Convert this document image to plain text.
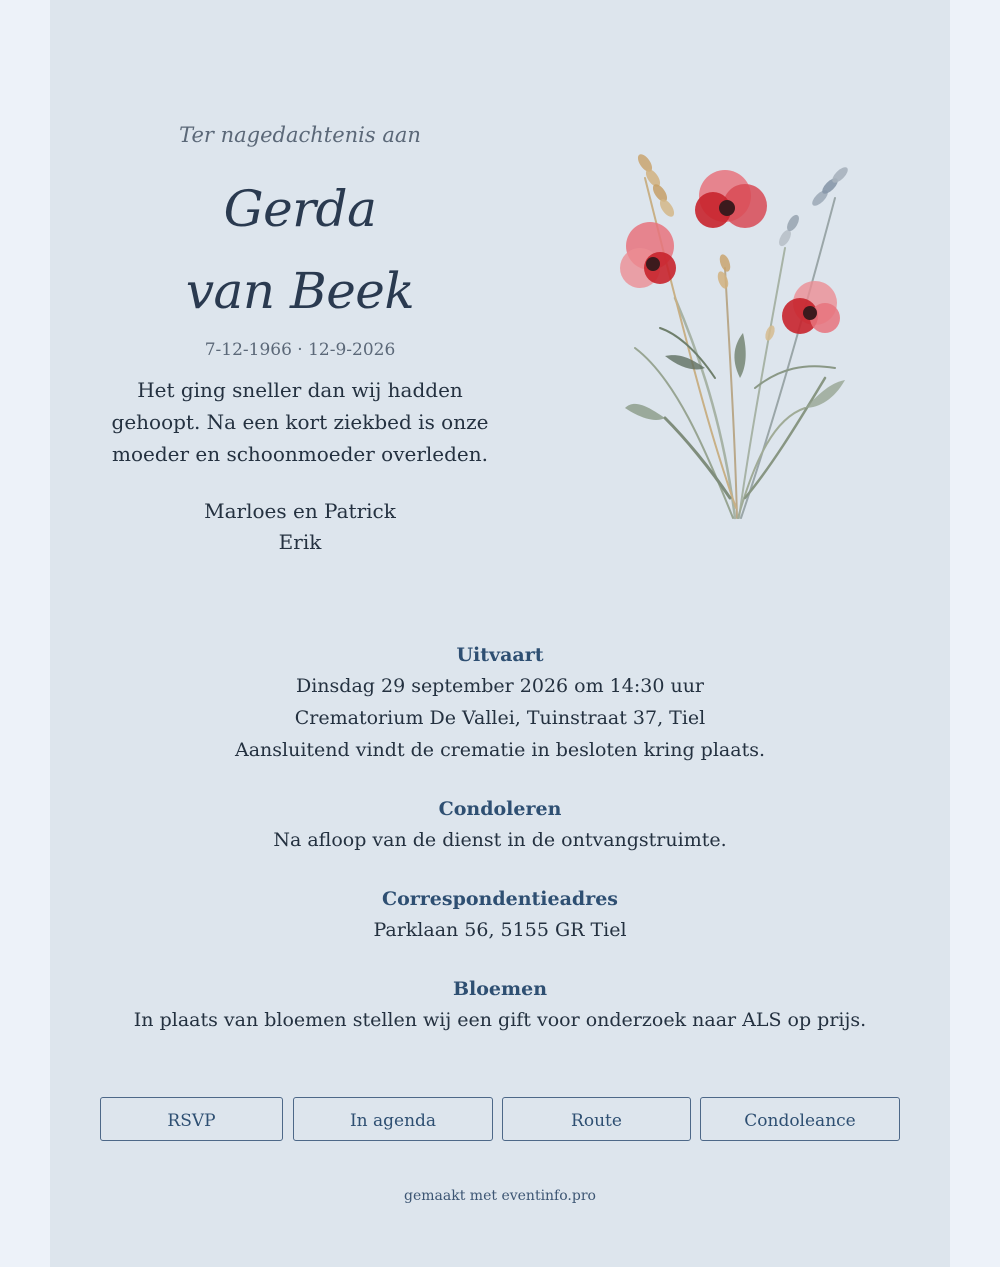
Ter nagedachtenis aan
Gerda
van Beek
7-12-1966 · 12-9-2026
Het ging sneller dan wij hadden
gehoopt. Na een kort ziekbed is onze
moeder en schoonmoeder overleden.
Marloes en Patrick
Erik
Uitvaart
Dinsdag 29 september 2026 om 14:30 uur
Crematorium De Vallei, Tuinstraat 37, Tiel
Aansluitend vindt de crematie in besloten kring plaats.
Condoleren
Na afloop van de dienst in de ontvangstruimte.
Correspondentieadres
Parklaan 56, 5155 GR Tiel
Bloemen
In plaats van bloemen stellen wij een gift voor onderzoek naar ALS op prijs.
RSVP	In agenda	Route	Condoleance
gemaakt met eventinfo.pro
